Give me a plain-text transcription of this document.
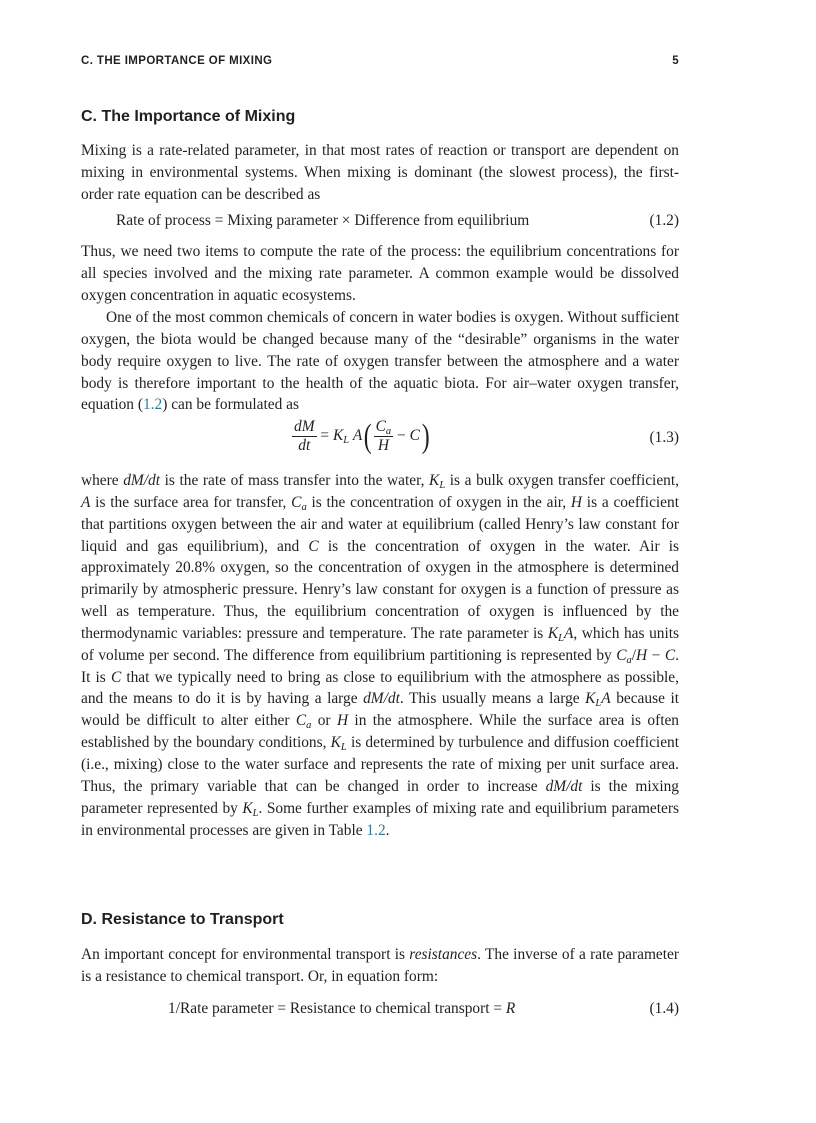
C. THE IMPORTANCE OF MIXING	5
C. The Importance of Mixing

Mixing is a rate-related parameter, in that most rates of reaction or transport are dependent on mixing in environmental systems. When mixing is dominant (the slowest process), the first-order rate equation can be described as

Rate of process = Mixing parameter × Difference from equilibrium	(1.2)

Thus, we need two items to compute the rate of the process: the equilibrium concentrations for all species involved and the mixing rate parameter. A common example would be dissolved oxygen concentration in aquatic ecosystems.

One of the most common chemicals of concern in water bodies is oxygen. Without sufficient oxygen, the biota would be changed because many of the “desirable” organisms in the water body require oxygen to live. The rate of oxygen transfer between the atmosphere and a water body is therefore important to the health of the aquatic biota. For air–water oxygen transfer, equation (1.2) can be formulated as

$\frac{dM}{dt} = K_L$ $A( \frac{C_a}{H} - C)$	(1.3)

where dM/dt is the rate of mass transfer into the water, $K_L$ is a bulk oxygen transfer coefficient, A is the surface area for transfer, $C_a$ is the concentration of oxygen in the air, H is a coefficient that partitions oxygen between the air and water at equilibrium (called Henry’s law constant for liquid and gas equilibrium), and C is the concentration of oxygen in the water. Air is approximately 20.8% oxygen, so the concentration of oxygen in the atmosphere is determined primarily by atmospheric pressure. Henry’s law constant for oxygen is a function of pressure as well as temperature. Thus, the equilibrium concentration of oxygen is influenced by the thermodynamic variables: pressure and temperature. The rate parameter is $K_LA$, which has units of volume per second. The difference from equilibrium partitioning is represented by $C_a/H - C$. It is C that we typically need to bring as close to equilibrium with the atmosphere as possible, and the means to do it is by having a large dM/dt. This usually means a large $K_LA$ because it would be difficult to alter either $C_a$ or H in the atmosphere. While the surface area is often established by the boundary conditions, $K_L$ is determined by turbulence and diffusion coefficient (i.e., mixing) close to the water surface and represents the rate of mixing per unit surface area. Thus, the primary variable that can be changed in order to increase dM/dt is the mixing parameter represented by $K_L$. Some further examples of mixing rate and equilibrium parameters in environmental processes are given in Table 1.2.

D. Resistance to Transport

An important concept for environmental transport is resistances. The inverse of a rate parameter is a resistance to chemical transport. Or, in equation form:

1/Rate parameter = Resistance to chemical transport = R	(1.4)
